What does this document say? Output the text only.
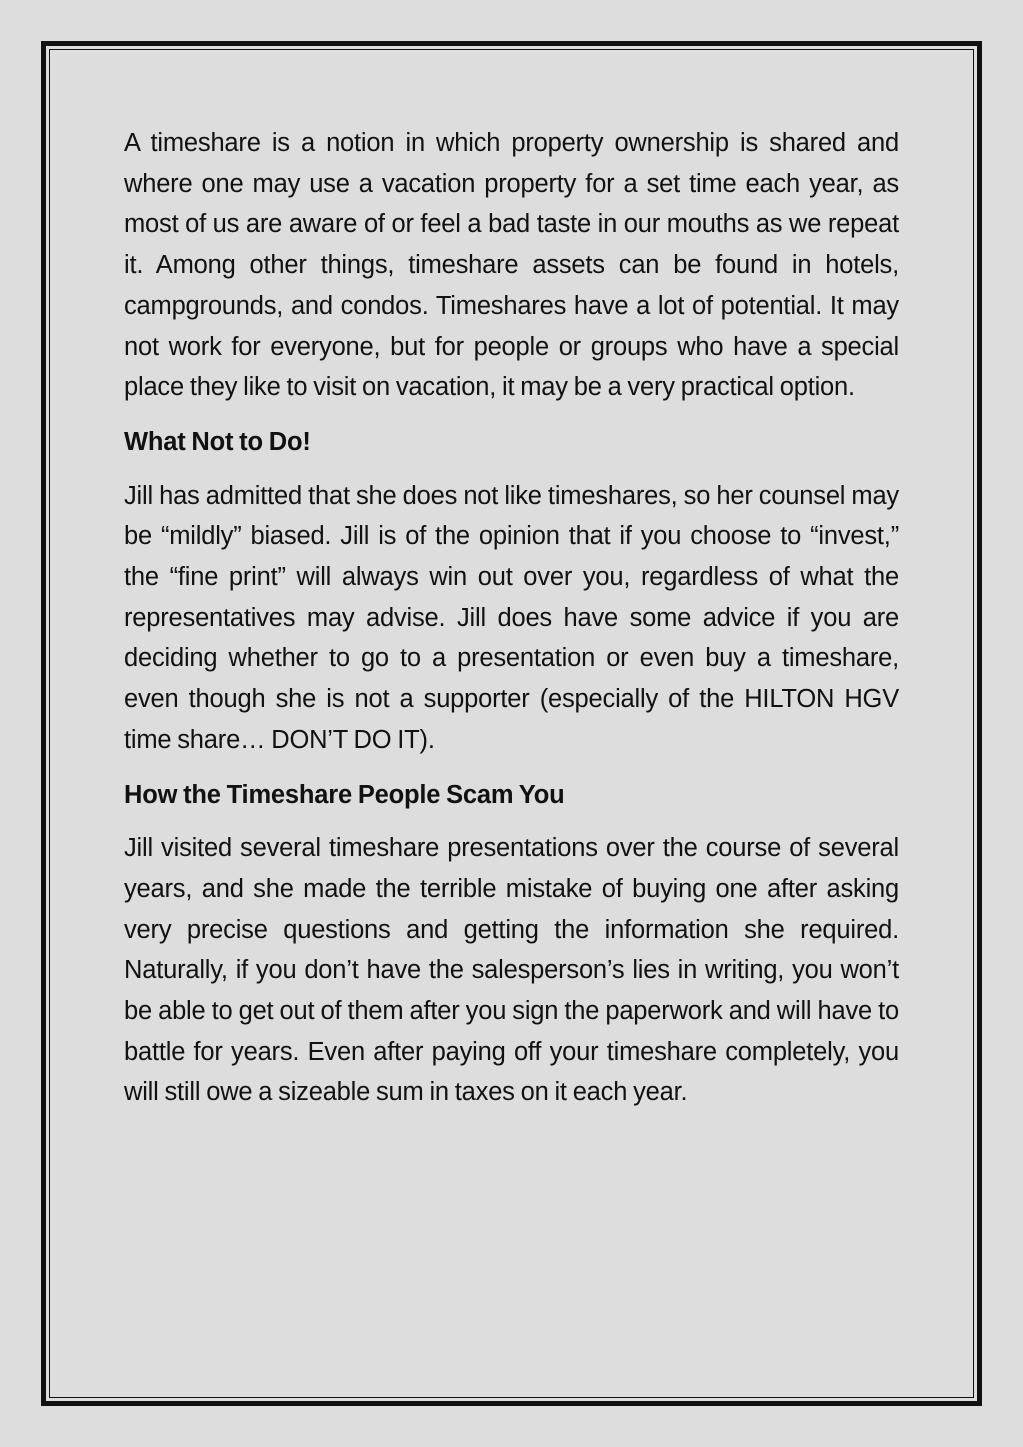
A timeshare is a notion in which property ownership is shared and where one may use a vacation property for a set time each year, as most of us are aware of or feel a bad taste in our mouths as we repeat it. Among other things, timeshare assets can be found in hotels, campgrounds, and condos. Timeshares have a lot of potential. It may not work for everyone, but for people or groups who have a special place they like to visit on vacation, it may be a very practical option.

What Not to Do!

Jill has admitted that she does not like timeshares, so her counsel may be “mildly” biased. Jill is of the opinion that if you choose to “invest,” the “fine print” will always win out over you, regardless of what the representatives may advise. Jill does have some advice if you are deciding whether to go to a presentation or even buy a timeshare, even though she is not a supporter (especially of the HILTON HGV time share… DON’T DO IT).

How the Timeshare People Scam You

Jill visited several timeshare presentations over the course of several years, and she made the terrible mistake of buying one after asking very precise questions and getting the information she required. Naturally, if you don’t have the salesperson’s lies in writing, you won’t be able to get out of them after you sign the paperwork and will have to battle for years. Even after paying off your timeshare completely, you will still owe a sizeable sum in taxes on it each year.
